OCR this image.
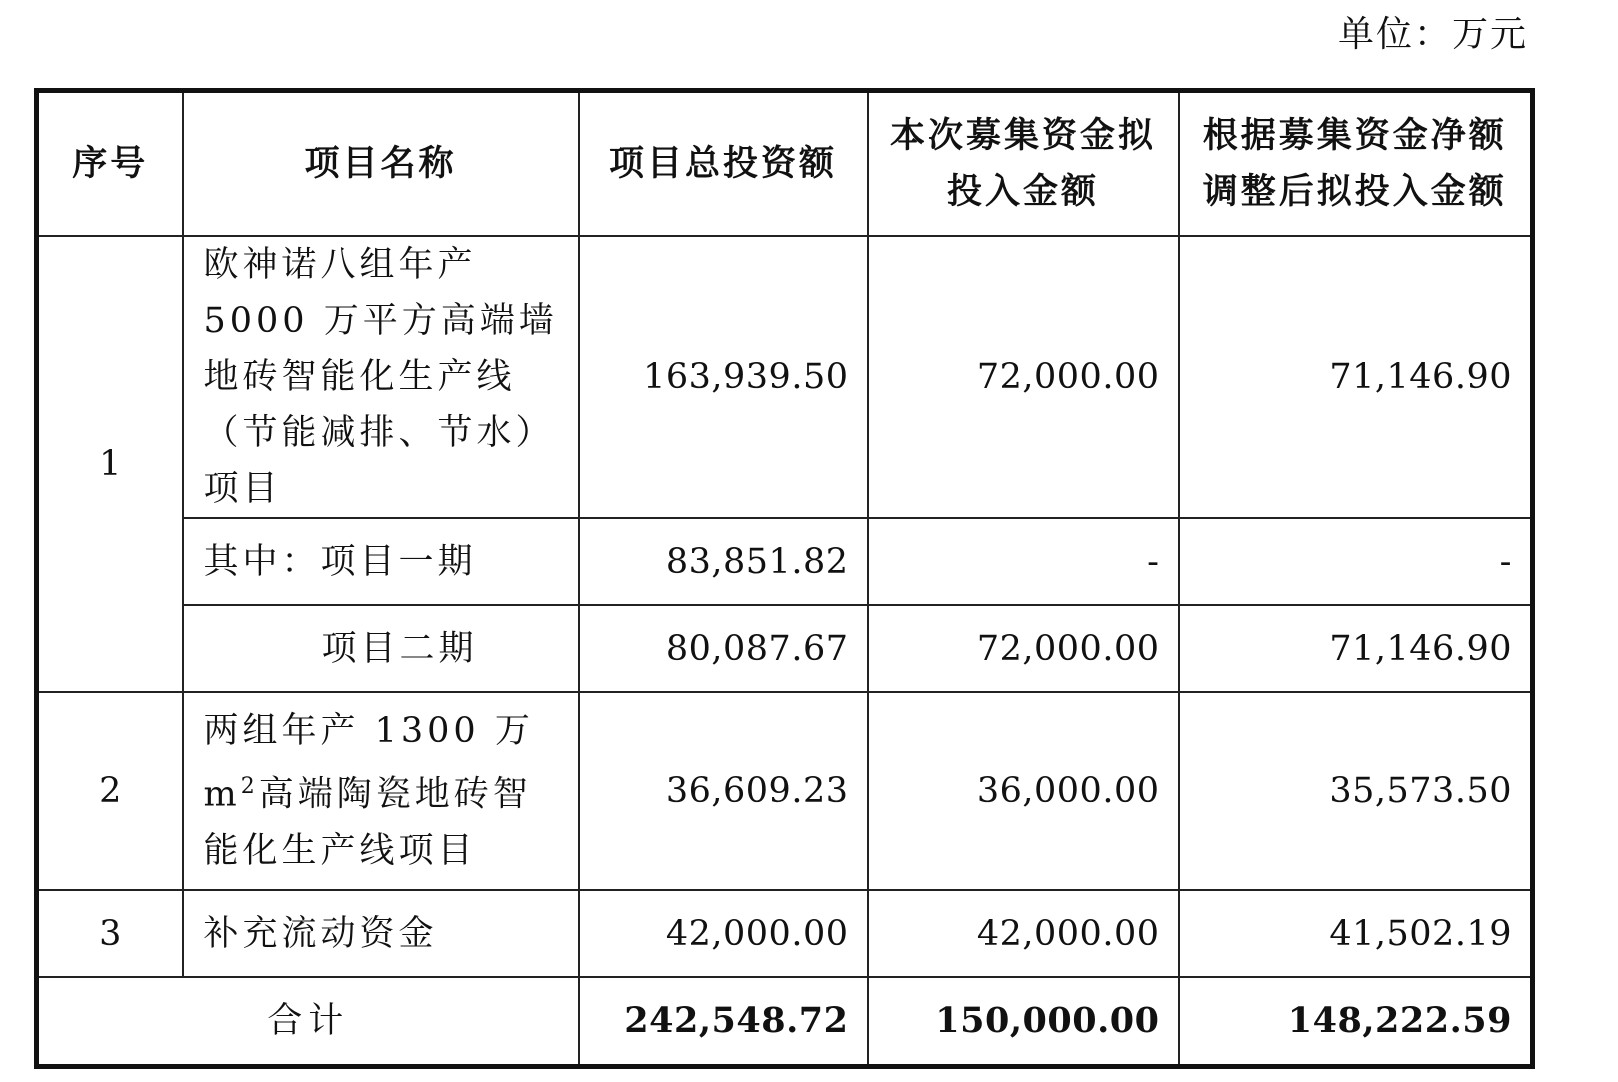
单位：万元
序号	项目名称	项目总投资额	本次募集资金拟投入金额	根据募集资金净额调整后拟投入金额
1	欧神诺八组年产 5000 万平方高端墙地砖智能化生产线（节能减排、节水）项目	163,939.50	72,000.00	71,146.90
	其中：项目一期	83,851.82	-	-
	项目二期	80,087.67	72,000.00	71,146.90
2	两组年产 1300 万 $m^2$高端陶瓷地砖智能化生产线项目	36,609.23	36,000.00	35,573.50
3	补充流动资金	42,000.00	42,000.00	41,502.19
合计		242,548.72	150,000.00	148,222.59
